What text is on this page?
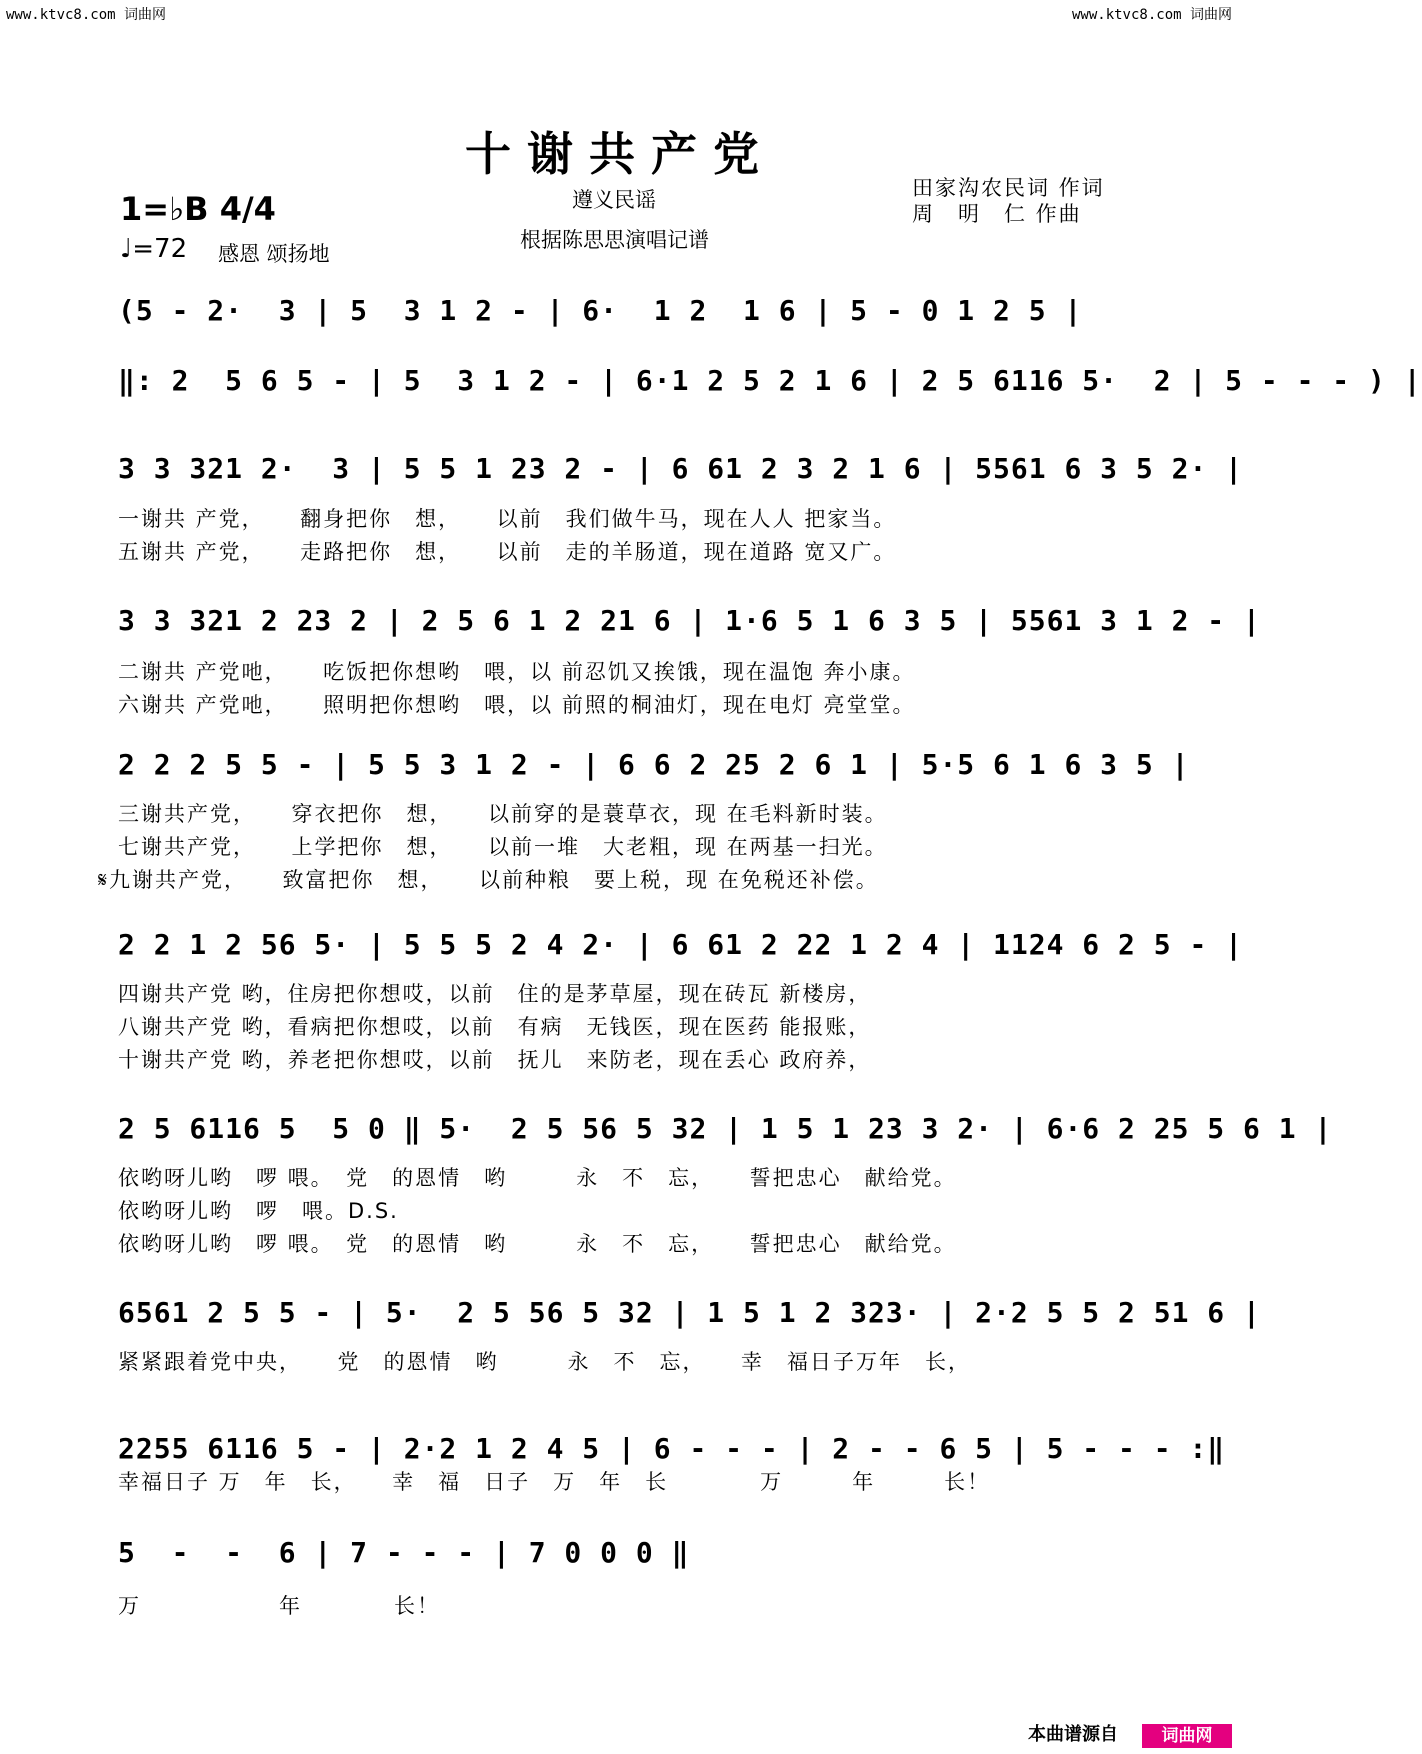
www.ktvc8.com 词曲网	www.ktvc8.com 词曲网
十谢共产党
遵义民谣
根据陈思思演唱记谱
田家沟农民词 作词
周　明　仁 作曲
1=♭B 4/4
♩=72 感恩 颂扬地
(5 - 2·  3 | 5  3 1 2 - | 6·  1 2  1 6 | 5 - 0 1 2 5 |
‖: 2  5 6 5 - | 5  3 1 2 - | 6·1 2 5 2 1 6 | 2 5 6116 5·  2 | 5 - - - ) |
3 3 321 2·  3 | 5 5 1 23 2 - | 6 61 2 3 2 1 6 | 5561 6 3 5 2· |
一谢共 产党，　　翻身把你　想，　　以前　我们做牛马，现在人人 把家当。
五谢共 产党，　　走路把你　想，　　以前　走的羊肠道，现在道路 宽又广。
3 3 321 2 23 2 | 2 5 6 1 2 21 6 | 1·6 5 1 6 3 5 | 5561 3 1 2 - |
二谢共 产党吔，　　吃饭把你想哟　喂，以 前忍饥又挨饿，现在温饱 奔小康。
六谢共 产党吔，　　照明把你想哟　喂，以 前照的桐油灯，现在电灯 亮堂堂。
2 2 2 5 5 - | 5 5 3 1 2 - | 6 6 2 25 2 6 1 | 5·5 6 1 6 3 5 |
三谢共产党，　　穿衣把你　想，　　以前穿的是蓑草衣，现 在毛料新时装。
七谢共产党，　　上学把你　想，　　以前一堆　大老粗，现 在两基一扫光。
𝄋九谢共产党，　　致富把你　想，　　以前种粮　要上税，现 在免税还补偿。
2 2 1 2 56 5· | 5 5 5 2 4 2· | 6 61 2 22 1 2 4 | 1124 6 2 5 - |
四谢共产党 哟，住房把你想哎，以前　住的是茅草屋，现在砖瓦 新楼房，
八谢共产党 哟，看病把你想哎，以前　有病　无钱医，现在医药 能报账，
十谢共产党 哟，养老把你想哎，以前　抚儿　来防老，现在丢心 政府养，
2 5 6116 5  5 0 ‖ 5·  2 5 56 5 32 | 1 5 1 23 3 2· | 6·6 2 25 5 6 1 |
依哟呀儿哟　啰 喂。　党　的恩情　哟　　　永　不　忘，　　誓把忠心　献给党。
依哟呀儿哟　啰　喂。D.S.
依哟呀儿哟　啰 喂。　党　的恩情　哟　　　永　不　忘，　　誓把忠心　献给党。
6561 2 5 5 - | 5·  2 5 56 5 32 | 1 5 1 2 323· | 2·2 5 5 2 51 6 |
紧紧跟着党中央，　　党　的恩情　哟　　　永　不　忘，　　幸　福日子万年　长，
2255 6116 5 - | 2·2 1 2 4 5 | 6 - - - | 2 - - 6 5 | 5 - - - :‖
幸福日子 万　年　长，　　幸　福　日子　万　年　长　　　　万　　　年　　　长！
5  -  -  6 | 7 - - - | 7 0 0 0 ‖
万　　　　　　年　　　　长！
本曲谱源自	词曲网
